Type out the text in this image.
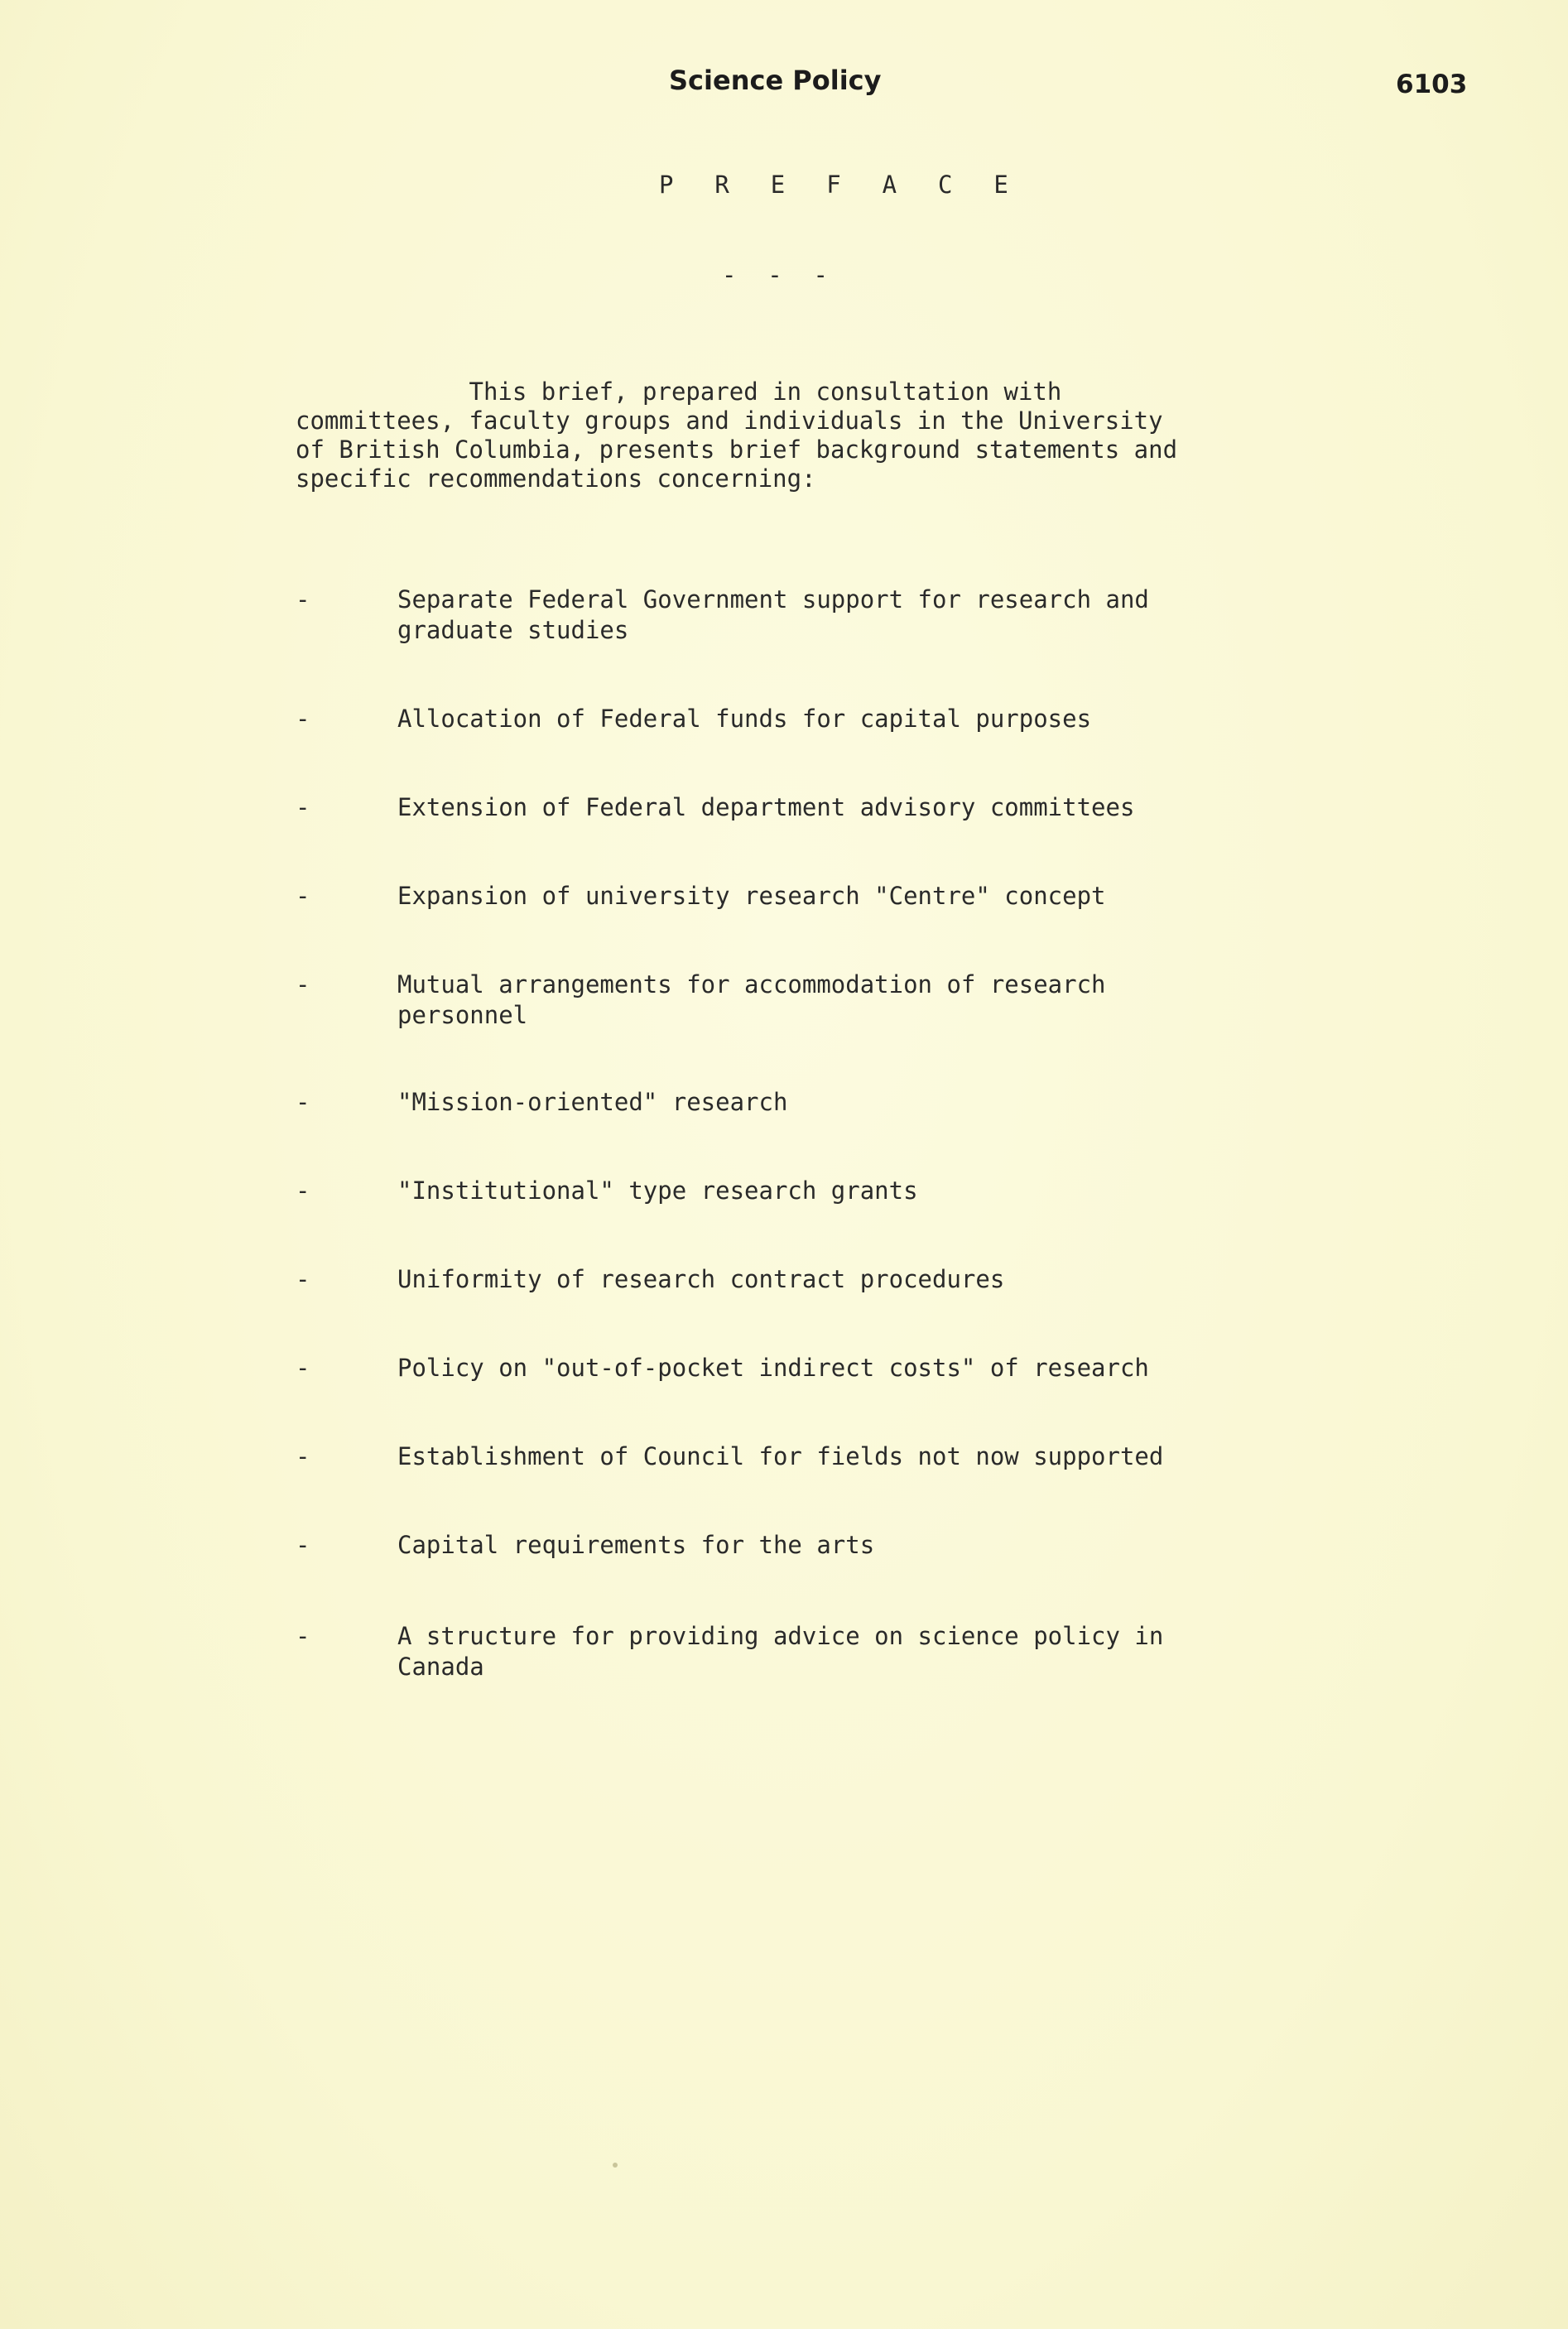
Science Policy	6103
P R E F A C E
- - -
This brief, prepared in consultation with
committees, faculty groups and individuals in the University
of British Columbia, presents brief background statements and
specific recommendations concerning:
-	Separate Federal Government support for research and
graduate studies
-	Allocation of Federal funds for capital purposes
-	Extension of Federal department advisory committees
-	Expansion of university research "Centre" concept
-	Mutual arrangements for accommodation of research
personnel
-	"Mission-oriented" research
-	"Institutional" type research grants
-	Uniformity of research contract procedures
-	Policy on "out-of-pocket indirect costs" of research
-	Establishment of Council for fields not now supported
-	Capital requirements for the arts
-	A structure for providing advice on science policy in
Canada
